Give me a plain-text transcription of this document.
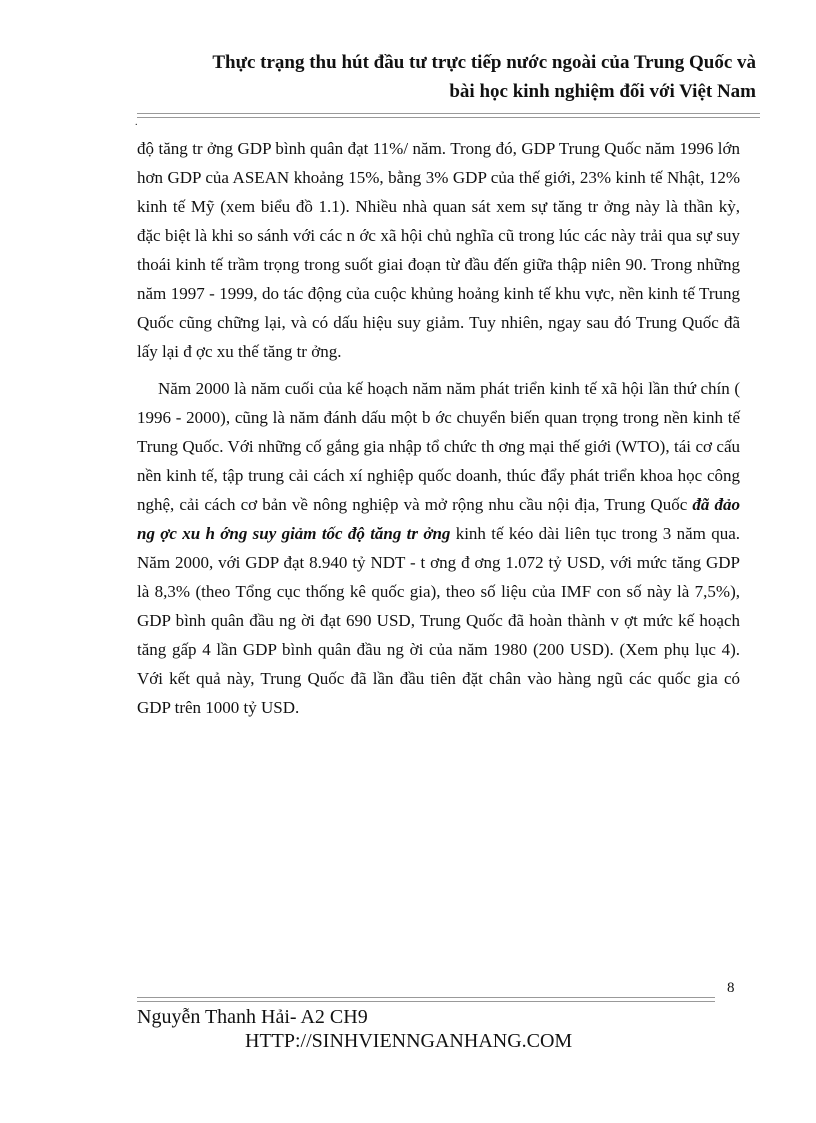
Thực trạng thu hút đầu tư trực tiếp nước ngoài của Trung Quốc và
bài học kinh nghiệm đối với Việt Nam
.

độ tăng tr ởng GDP bình quân đạt 11%/ năm. Trong đó, GDP Trung Quốc năm 1996 lớn hơn GDP của ASEAN khoảng 15%, bằng 3% GDP của thế giới, 23% kinh tế Nhật, 12% kinh tế Mỹ (xem biểu đồ 1.1). Nhiều nhà quan sát xem sự tăng tr ởng này là thần kỳ, đặc biệt là khi so sánh với các n ớc xã hội chủ nghĩa cũ trong lúc các này trải qua sự suy thoái kinh tế trầm trọng trong suốt giai đoạn từ đầu đến giữa thập niên 90. Trong những năm 1997 - 1999, do tác động của cuộc khủng hoảng kinh tế khu vực, nền kinh tế Trung Quốc cũng chững lại, và có dấu hiệu suy giảm. Tuy nhiên, ngay sau đó Trung Quốc đã lấy lại đ ợc xu thế tăng tr ởng.

Năm 2000 là năm cuối của kế hoạch năm năm phát triển kinh tế xã hội lần thứ chín ( 1996 - 2000), cũng là năm đánh dấu một b ớc chuyển biến quan trọng trong nền kinh tế Trung Quốc. Với những cố gắng gia nhập tổ chức th ơng mại thế giới (WTO), tái cơ cấu nền kinh tế, tập trung cải cách xí nghiệp quốc doanh, thúc đẩy phát triển khoa học công nghệ, cải cách cơ bản về nông nghiệp và mở rộng nhu cầu nội địa, Trung Quốc đã đảo ng ợc xu h ớng suy giảm tốc độ tăng tr ởng kinh tế kéo dài liên tục trong 3 năm qua. Năm 2000, với GDP đạt 8.940 tỷ NDT - t ơng đ ơng 1.072 tỷ USD, với mức tăng GDP là 8,3% (theo Tổng cục thống kê quốc gia), theo số liệu của IMF con số này là 7,5%), GDP bình quân đầu ng ời đạt 690 USD, Trung Quốc đã hoàn thành v ợt mức kế hoạch tăng gấp 4 lần GDP bình quân đầu ng ời của năm 1980 (200 USD). (Xem phụ lục 4). Với kết quả này, Trung Quốc đã lần đầu tiên đặt chân vào hàng ngũ các quốc gia có GDP trên 1000 tỷ USD.

8
Nguyễn Thanh Hải- A2 CH9
HTTP://SINHVIENNGANHANG.COM
